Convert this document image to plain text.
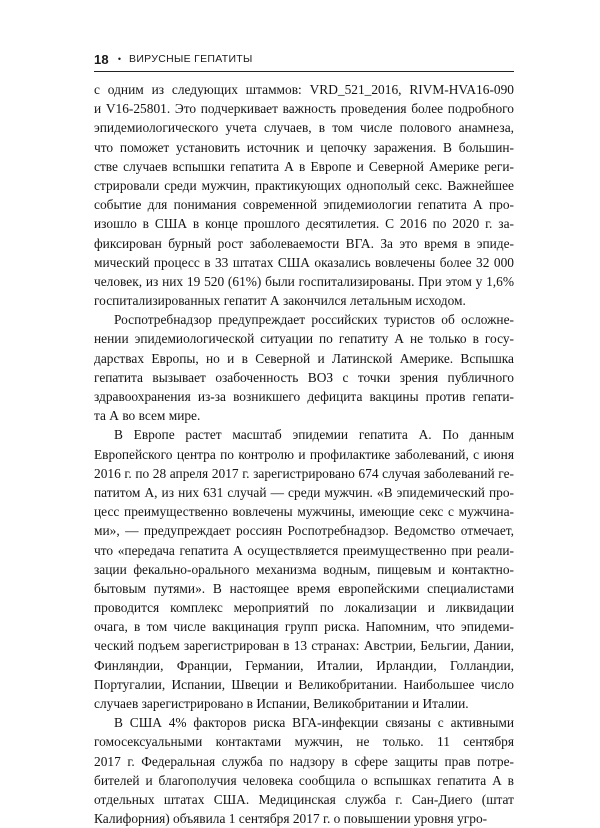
18 • ВИРУСНЫЕ ГЕПАТИТЫ
с одним из следующих штаммов: VRD_521_2016, RIVM-HVA16-090
и V16-25801. Это подчеркивает важность проведения более подробного
эпидемиологического учета случаев, в том числе полового анамнеза,
что поможет установить источник и цепочку заражения. В большин-
стве случаев вспышки гепатита А в Европе и Северной Америке реги-
стрировали среди мужчин, практикующих однополый секс. Важнейшее
событие для понимания современной эпидемиологии гепатита А про-
изошло в США в конце прошлого десятилетия. С 2016 по 2020 г. за-
фиксирован бурный рост заболеваемости ВГА. За это время в эпиде-
мический процесс в 33 штатах США оказались вовлечены более 32 000
человек, из них 19 520 (61%) были госпитализированы. При этом у 1,6%
госпитализированных гепатит А закончился летальным исходом.
Роспотребнадзор предупреждает российских туристов об осложне-
нении эпидемиологической ситуации по гепатиту А не только в госу-
дарствах Европы, но и в Северной и Латинской Америке. Вспышка
гепатита вызывает озабоченность ВОЗ с точки зрения публичного
здравоохранения из-за возникшего дефицита вакцины против гепати-
та А во всем мире.
В Европе растет масштаб эпидемии гепатита А. По данным
Европейского центра по контролю и профилактике заболеваний, с июня
2016 г. по 28 апреля 2017 г. зарегистрировано 674 случая заболеваний ге-
патитом А, из них 631 случай — среди мужчин. «В эпидемический про-
цесс преимущественно вовлечены мужчины, имеющие секс с мужчина-
ми», — предупреждает россиян Роспотребнадзор. Ведомство отмечает,
что «передача гепатита А осуществляется преимущественно при реали-
зации фекально-орального механизма водным, пищевым и контактно-
бытовым путями». В настоящее время европейскими специалистами
проводится комплекс мероприятий по локализации и ликвидации
очага, в том числе вакцинация групп риска. Напомним, что эпидеми-
ческий подъем зарегистрирован в 13 странах: Австрии, Бельгии, Дании,
Финляндии, Франции, Германии, Италии, Ирландии, Голландии,
Португалии, Испании, Швеции и Великобритании. Наибольшее число
случаев зарегистрировано в Испании, Великобритании и Италии.
В США 4% факторов риска ВГА-инфекции связаны с активными
гомосексуальными контактами мужчин, не только. 11 сентября
2017 г. Федеральная служба по надзору в сфере защиты прав потре-
бителей и благополучия человека сообщила о вспышках гепатита А в
отдельных штатах США. Медицинская служба г. Сан-Диего (штат
Калифорния) объявила 1 сентября 2017 г. о повышении уровня угро-
